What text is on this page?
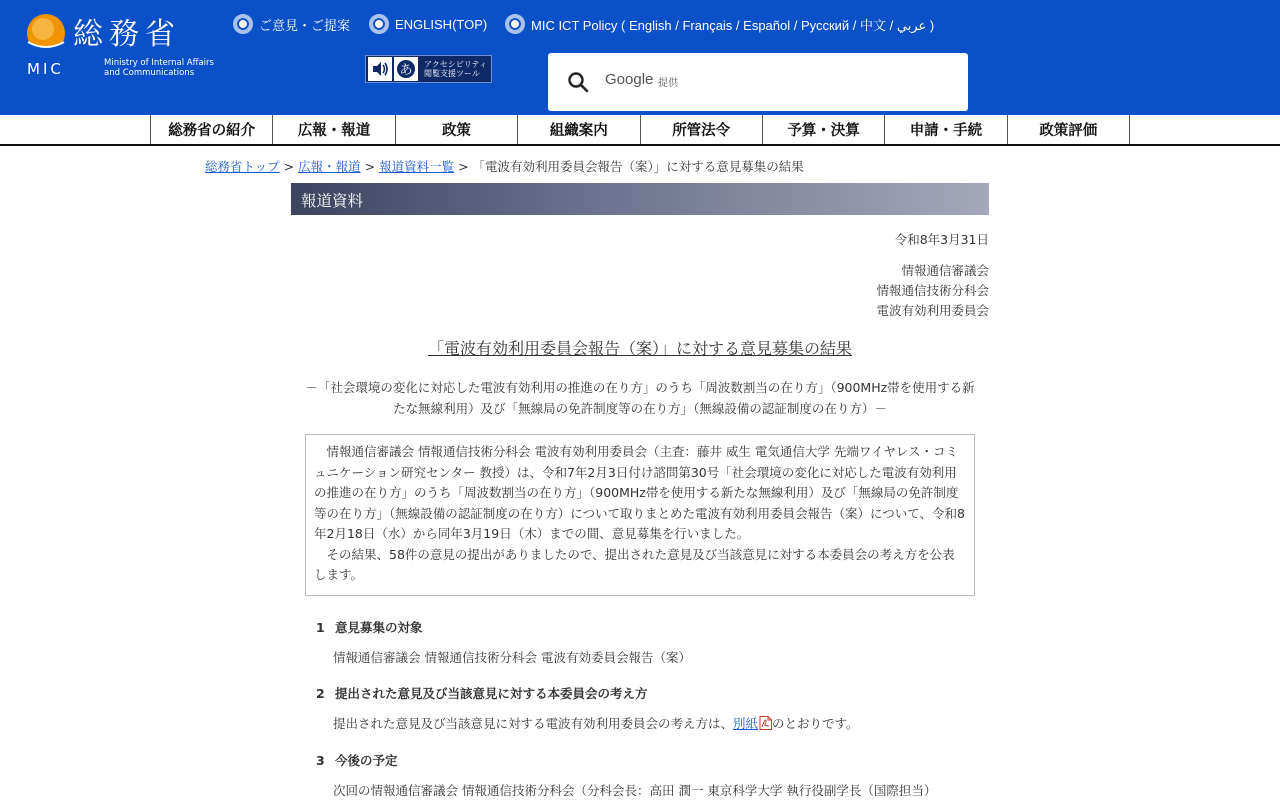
総務省
MIC	Ministry of Internal Affairs
and Communications
ご意見・ご提案	ENGLISH(TOP)	MIC ICT Policy ( English / Français / Español / Русский / 中文 / عربي )
あ アクセシビリティ
閲覧支援ツール	Google 提供
総務省の紹介	広報・報道	政策	組織案内	所管法令	予算・決算	申請・手続	政策評価
総務省トップ > 広報・報道 > 報道資料一覧 > 「電波有効利用委員会報告（案）」に対する意見募集の結果
報道資料
令和8年3月31日
情報通信審議会
情報通信技術分科会
電波有効利用委員会
「電波有効利用委員会報告（案）」に対する意見募集の結果
－「社会環境の変化に対応した電波有効利用の推進の在り方」のうち「周波数割当の在り方」（900MHz帯を使用する新たな無線利用）及び「無線局の免許制度等の在り方」（無線設備の認証制度の在り方）－

情報通信審議会 情報通信技術分科会 電波有効利用委員会（主査：藤井 威生 電気通信大学 先端ワイヤレス・コミュニケーション研究センター 教授）は、令和7年2月3日付け諮問第30号「社会環境の変化に対応した電波有効利用の推進の在り方」のうち「周波数割当の在り方」（900MHz帯を使用する新たな無線利用）及び「無線局の免許制度等の在り方」（無線設備の認証制度の在り方）について取りまとめた電波有効利用委員会報告（案）について、令和8年2月18日（水）から同年3月19日（木）までの間、意見募集を行いました。

その結果、58件の意見の提出がありましたので、提出された意見及び当該意見に対する本委員会の考え方を公表します。

1 意見募集の対象
情報通信審議会 情報通信技術分科会 電波有効委員会報告（案）
2 提出された意見及び当該意見に対する本委員会の考え方
提出された意見及び当該意見に対する電波有効利用委員会の考え方は、別紙 のとおりです。
3 今後の予定
次回の情報通信審議会 情報通信技術分科会（分科会長：高田 潤一 東京科学大学 執行役副学長（国際担当）
